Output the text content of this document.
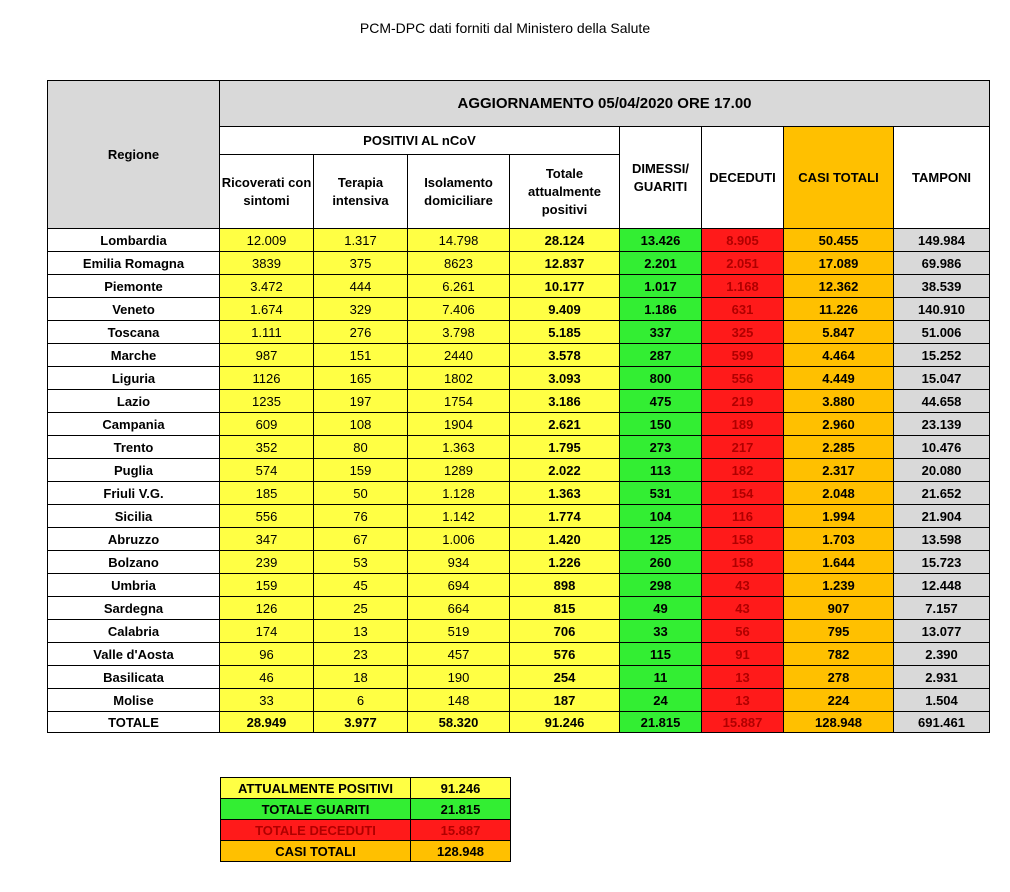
PCM-DPC dati forniti dal Ministero della Salute
Regione	AGGIORNAMENTO 05/04/2020 ORE 17.00							
	POSITIVI AL nCoV				DIMESSI/ GUARITI	DECEDUTI	CASI TOTALI	TAMPONI
	Ricoverati con sintomi	Terapia intensiva	Isolamento domiciliare	Totale attualmente positivi				
Lombardia	12.009	1.317	14.798	28.124	13.426	8.905	50.455	149.984
Emilia Romagna	3839	375	8623	12.837	2.201	2.051	17.089	69.986
Piemonte	3.472	444	6.261	10.177	1.017	1.168	12.362	38.539
Veneto	1.674	329	7.406	9.409	1.186	631	11.226	140.910
Toscana	1.111	276	3.798	5.185	337	325	5.847	51.006
Marche	987	151	2440	3.578	287	599	4.464	15.252
Liguria	1126	165	1802	3.093	800	556	4.449	15.047
Lazio	1235	197	1754	3.186	475	219	3.880	44.658
Campania	609	108	1904	2.621	150	189	2.960	23.139
Trento	352	80	1.363	1.795	273	217	2.285	10.476
Puglia	574	159	1289	2.022	113	182	2.317	20.080
Friuli V.G.	185	50	1.128	1.363	531	154	2.048	21.652
Sicilia	556	76	1.142	1.774	104	116	1.994	21.904
Abruzzo	347	67	1.006	1.420	125	158	1.703	13.598
Bolzano	239	53	934	1.226	260	158	1.644	15.723
Umbria	159	45	694	898	298	43	1.239	12.448
Sardegna	126	25	664	815	49	43	907	7.157
Calabria	174	13	519	706	33	56	795	13.077
Valle d'Aosta	96	23	457	576	115	91	782	2.390
Basilicata	46	18	190	254	11	13	278	2.931
Molise	33	6	148	187	24	13	224	1.504
TOTALE	28.949	3.977	58.320	91.246	21.815	15.887	128.948	691.461
ATTUALMENTE POSITIVI	91.246
TOTALE GUARITI	21.815
TOTALE DECEDUTI	15.887
CASI TOTALI	128.948
